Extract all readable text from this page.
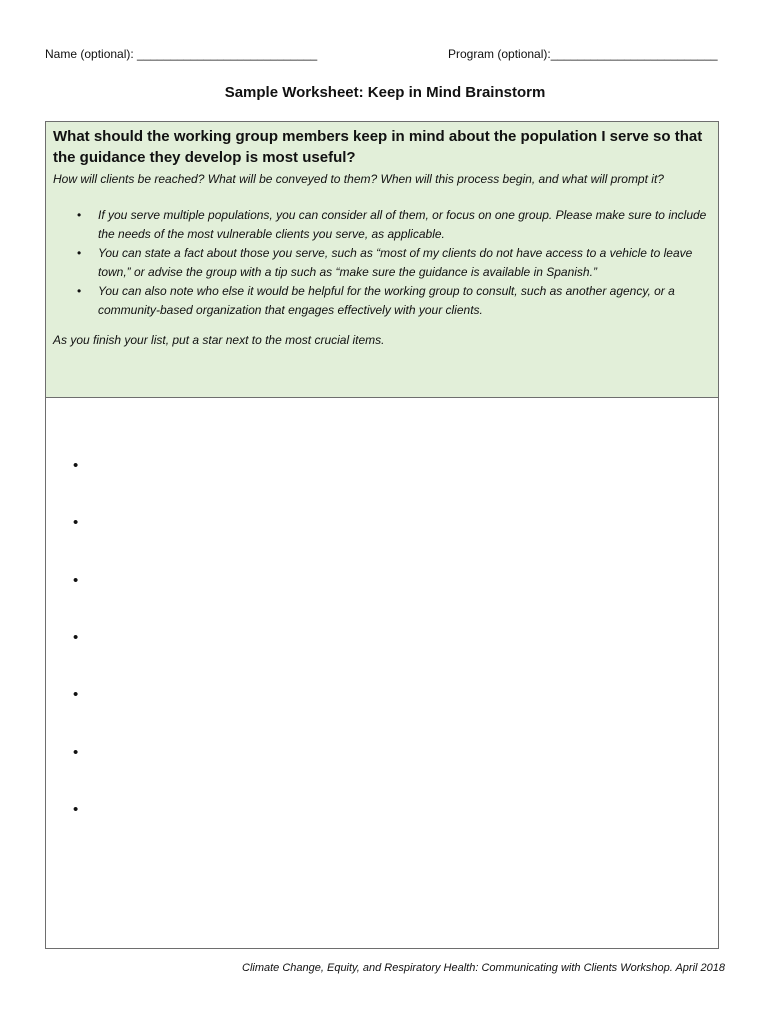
Name (optional): ___________________________	Program (optional):_________________________
Sample Worksheet: Keep in Mind Brainstorm

What should the working group members keep in mind about the population I serve so that the guidance they develop is most useful?

How will clients be reached? What will be conveyed to them? When will this process begin, and what will prompt it?

• If you serve multiple populations, you can consider all of them, or focus on one group. Please make sure to include the needs of the most vulnerable clients you serve, as applicable.
• You can state a fact about those you serve, such as “most of my clients do not have access to a vehicle to leave town,” or advise the group with a tip such as “make sure the guidance is available in Spanish.”
• You can also note who else it would be helpful for the working group to consult, such as another agency, or a community-based organization that engages effectively with your clients.

As you finish your list, put a star next to the most crucial items.

•
•
•
•
•
•
•
Climate Change, Equity, and Respiratory Health: Communicating with Clients Workshop. April 2018
